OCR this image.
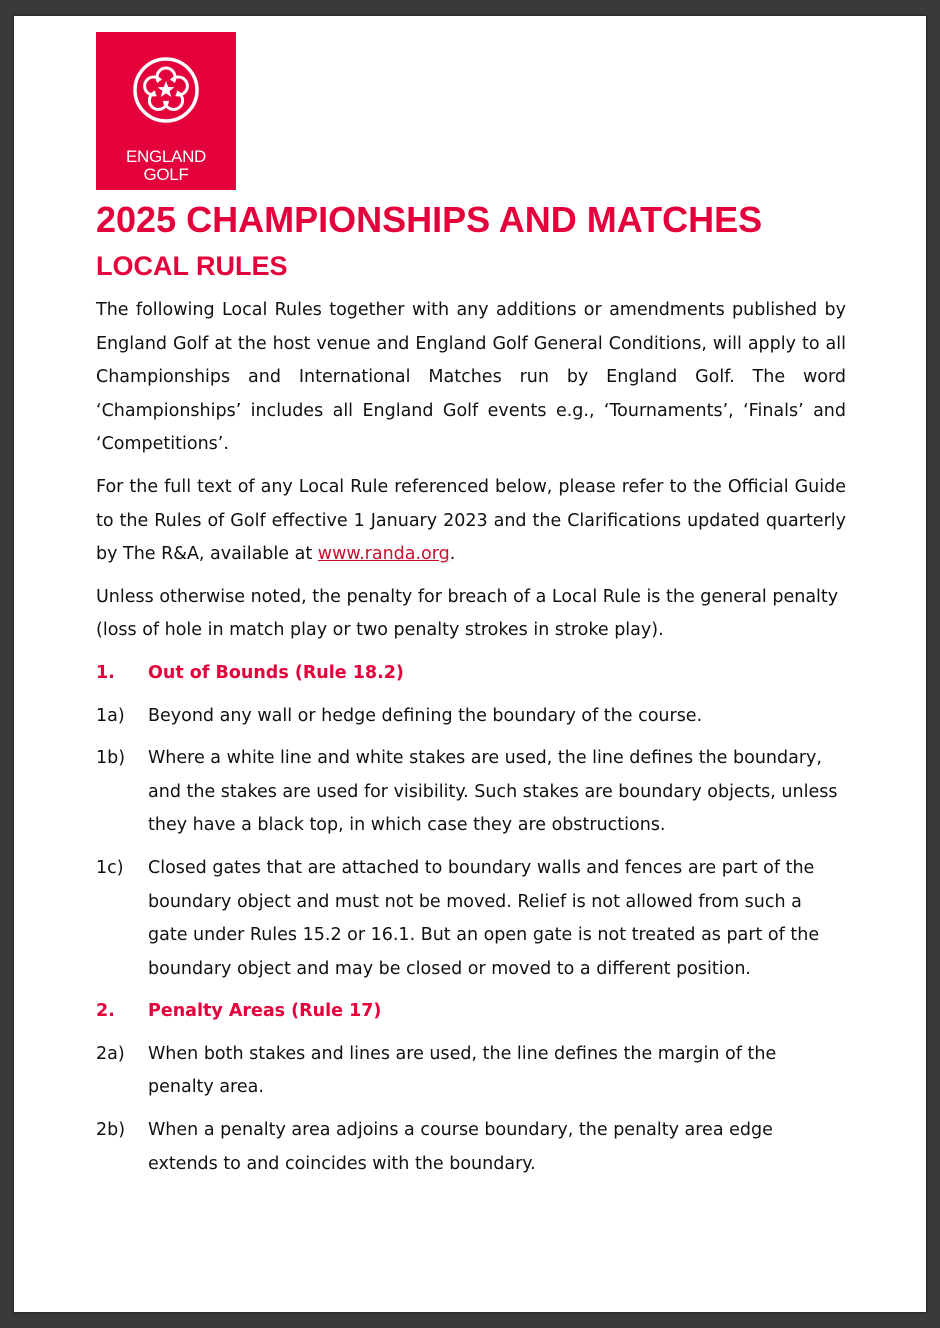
ENGLAND
GOLF
2025 CHAMPIONSHIPS AND MATCHES
LOCAL RULES

The following Local Rules together with any additions or amendments published by England Golf at the host venue and England Golf General Conditions, will apply to all Championships and International Matches run by England Golf. The word ‘Championships’ includes all England Golf events e.g., ‘Tournaments’, ‘Finals’ and ‘Competitions’.

For the full text of any Local Rule referenced below, please refer to the Official Guide to the Rules of Golf effective 1 January 2023 and the Clarifications updated quarterly by The R&A, available at www.randa.org.

Unless otherwise noted, the penalty for breach of a Local Rule is the general penalty (loss of hole in match play or two penalty strokes in stroke play).

1.	Out of Bounds (Rule 18.2)
1a)	Beyond any wall or hedge defining the boundary of the course.
1b)	Where a white line and white stakes are used, the line defines the boundary, and the stakes are used for visibility. Such stakes are boundary objects, unless they have a black top, in which case they are obstructions.
1c)	Closed gates that are attached to boundary walls and fences are part of the boundary object and must not be moved. Relief is not allowed from such a gate under Rules 15.2 or 16.1. But an open gate is not treated as part of the boundary object and may be closed or moved to a different position.
2.	Penalty Areas (Rule 17)
2a)	When both stakes and lines are used, the line defines the margin of the penalty area.
2b)	When a penalty area adjoins a course boundary, the penalty area edge extends to and coincides with the boundary.
